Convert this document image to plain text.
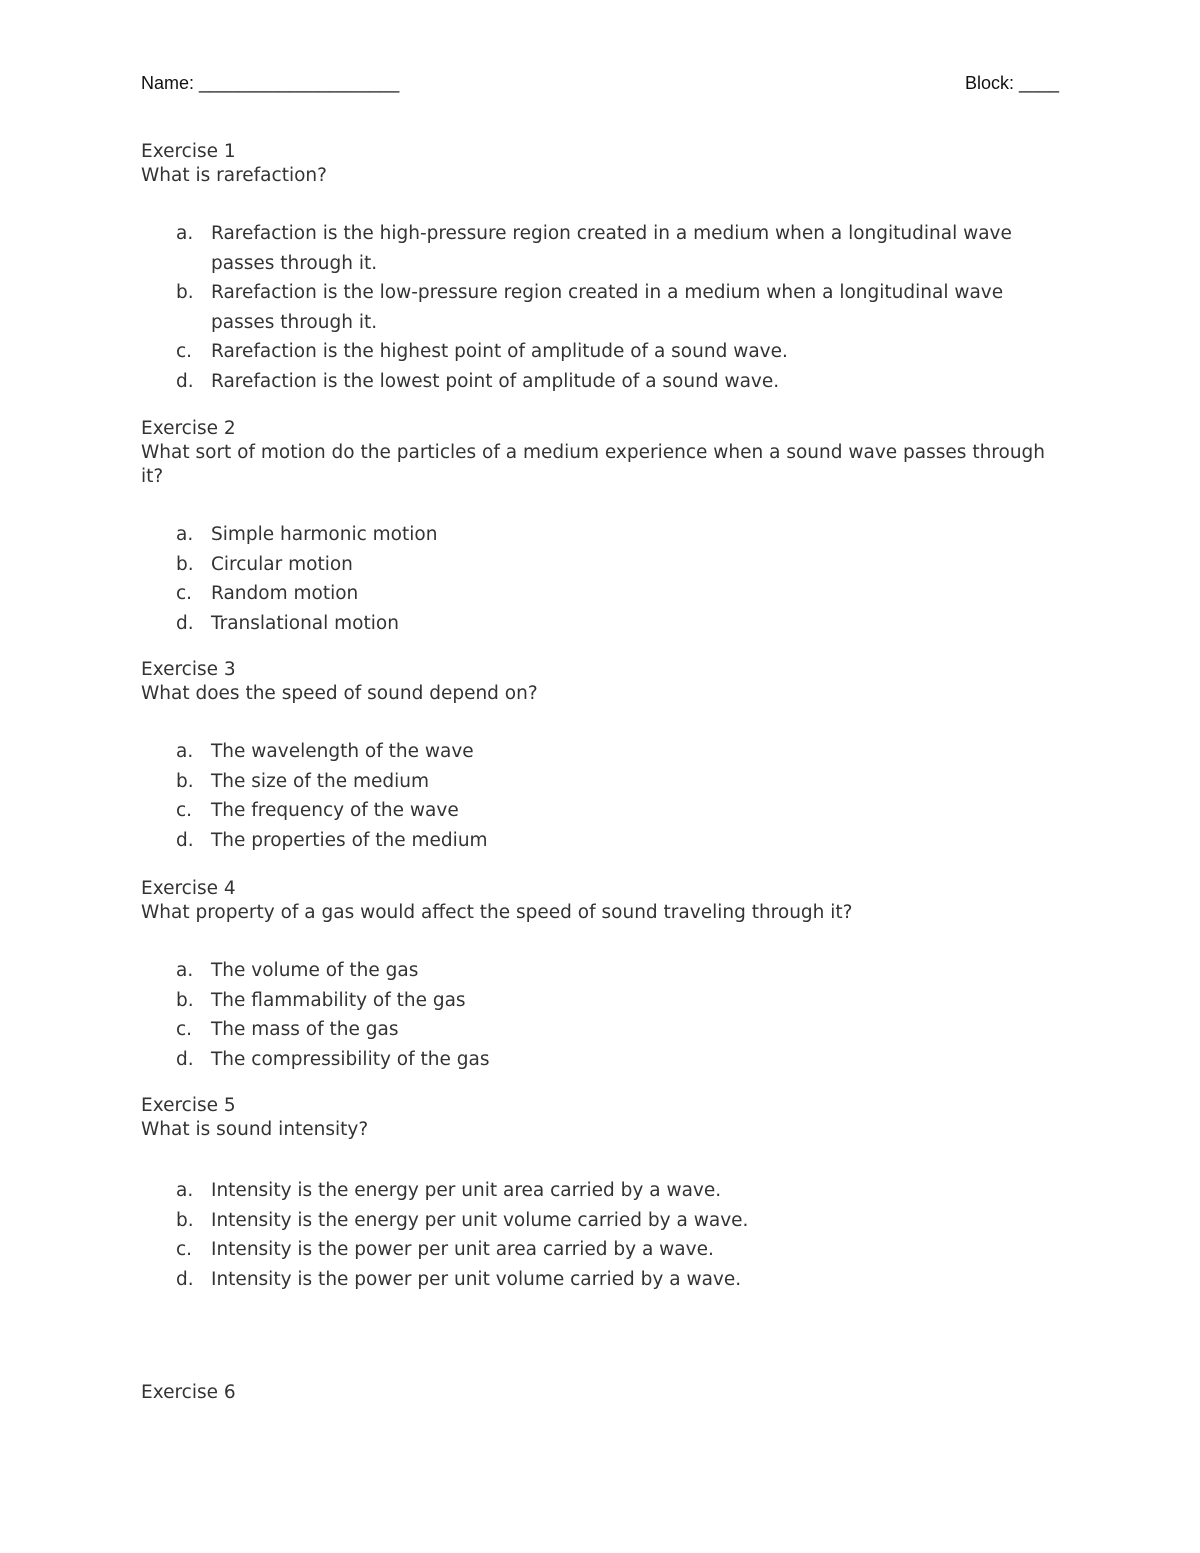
Name: ____________________	Block: ____
Exercise 1
What is rarefaction?
a. Rarefaction is the high-pressure region created in a medium when a longitudinal wave passes through it.
b. Rarefaction is the low-pressure region created in a medium when a longitudinal wave passes through it.
c. Rarefaction is the highest point of amplitude of a sound wave.
d. Rarefaction is the lowest point of amplitude of a sound wave.
Exercise 2
What sort of motion do the particles of a medium experience when a sound wave passes through it?
a. Simple harmonic motion
b. Circular motion
c. Random motion
d. Translational motion
Exercise 3
What does the speed of sound depend on?
a. The wavelength of the wave
b. The size of the medium
c. The frequency of the wave
d. The properties of the medium
Exercise 4
What property of a gas would affect the speed of sound traveling through it?
a. The volume of the gas
b. The flammability of the gas
c. The mass of the gas
d. The compressibility of the gas
Exercise 5
What is sound intensity?
a. Intensity is the energy per unit area carried by a wave.
b. Intensity is the energy per unit volume carried by a wave.
c. Intensity is the power per unit area carried by a wave.
d. Intensity is the power per unit volume carried by a wave.
Exercise 6
